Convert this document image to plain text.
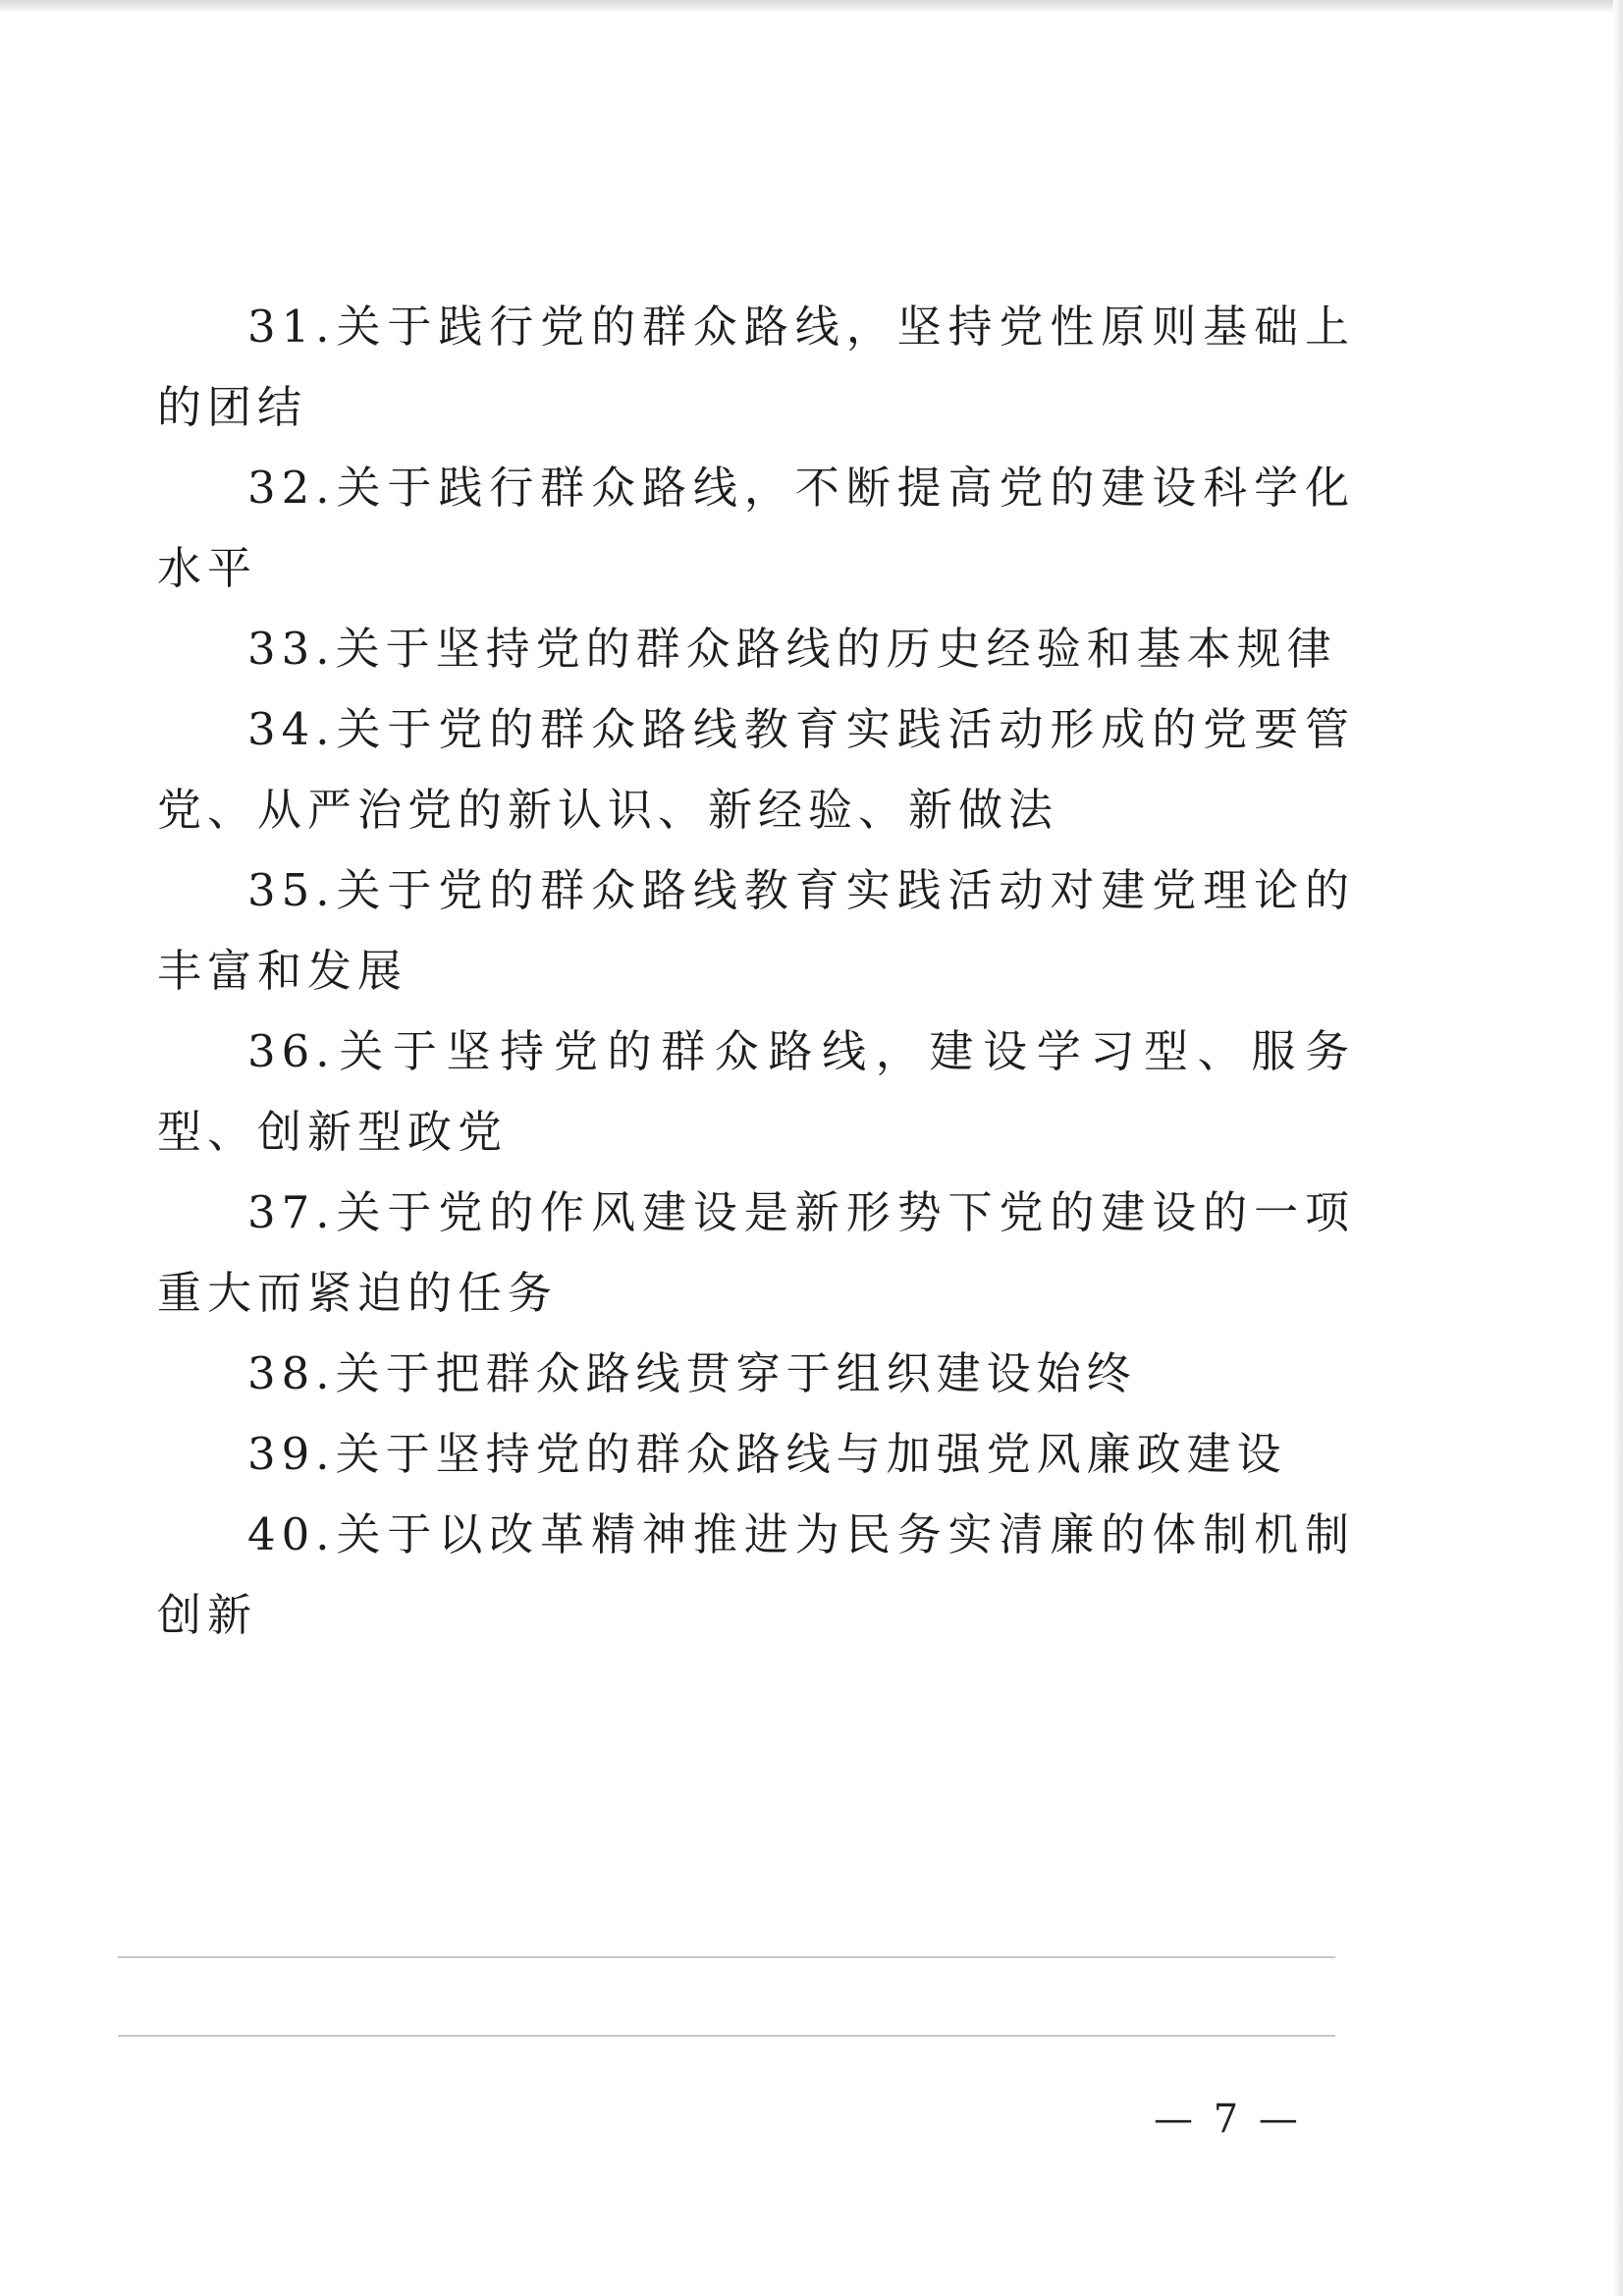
31.关于践行党的群众路线，坚持党性原则基础上的团结

32.关于践行群众路线，不断提高党的建设科学化水平

33.关于坚持党的群众路线的历史经验和基本规律

34.关于党的群众路线教育实践活动形成的党要管党、从严治党的新认识、新经验、新做法

35.关于党的群众路线教育实践活动对建党理论的丰富和发展

36.关于坚持党的群众路线，建设学习型、服务型、创新型政党

37.关于党的作风建设是新形势下党的建设的一项重大而紧迫的任务

38.关于把群众路线贯穿于组织建设始终

39.关于坚持党的群众路线与加强党风廉政建设

40.关于以改革精神推进为民务实清廉的体制机制创新

— 7 —
